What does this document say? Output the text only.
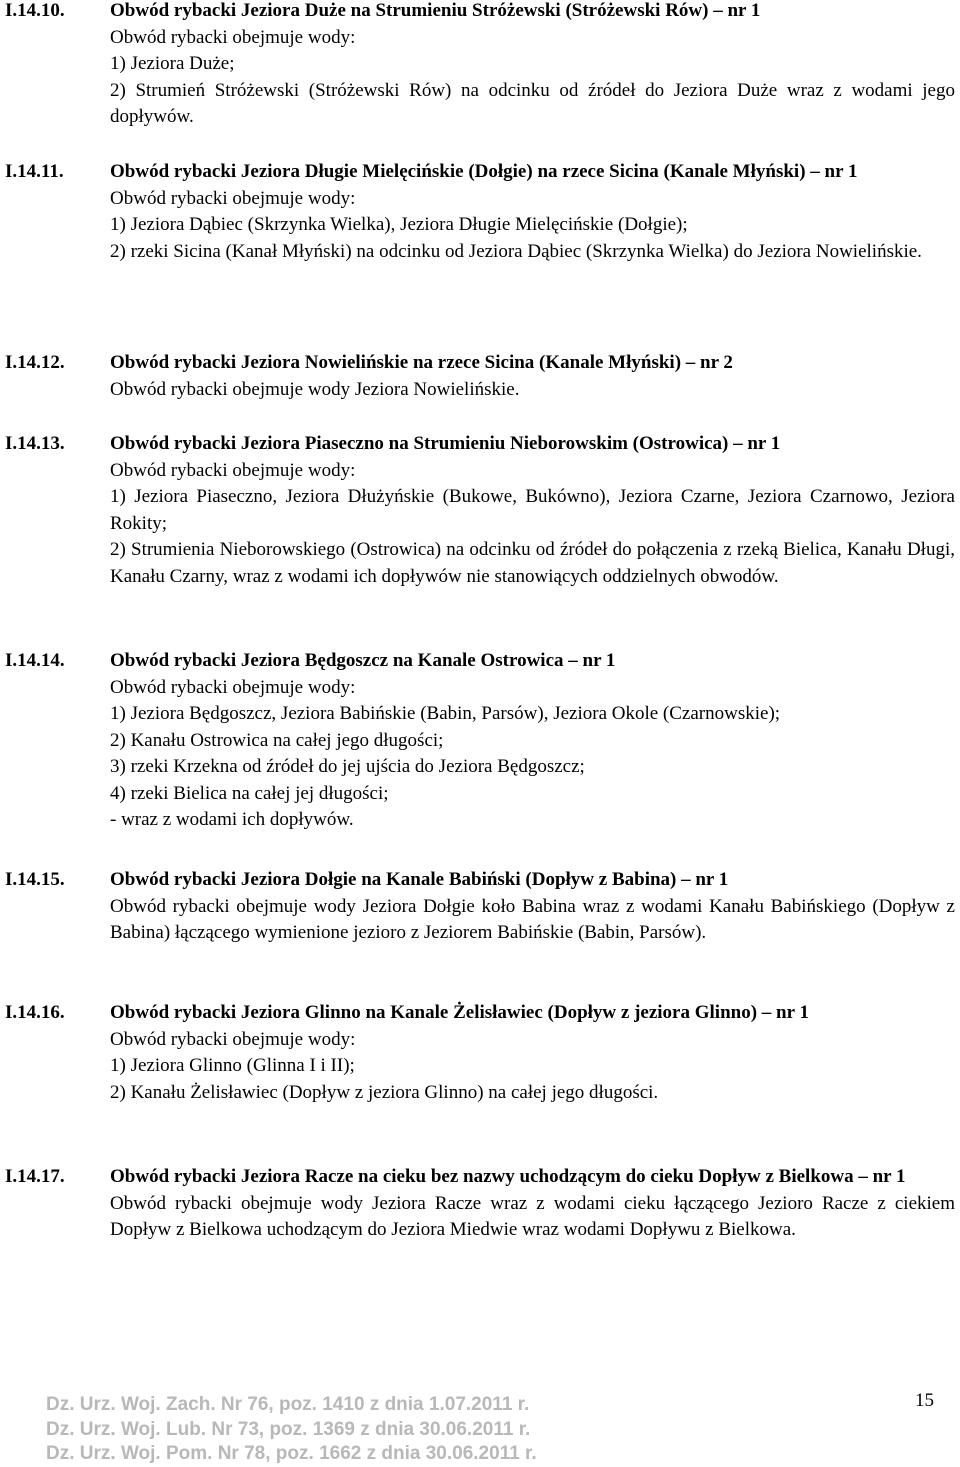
I.14.10. Obwód rybacki Jeziora Duże na Strumieniu Stróżewski (Stróżewski Rów) – nr 1
Obwód rybacki obejmuje wody:
1) Jeziora Duże;
2) Strumień Stróżewski (Stróżewski Rów) na odcinku od źródeł do Jeziora Duże wraz z wodami jego dopływów.
I.14.11. Obwód rybacki Jeziora Długie Mielęcińskie (Dołgie) na rzece Sicina (Kanale Młyński) – nr 1
Obwód rybacki obejmuje wody:
1) Jeziora Dąbiec (Skrzynka Wielka), Jeziora Długie Mielęcińskie (Dołgie);
2) rzeki Sicina (Kanał Młyński) na odcinku od Jeziora Dąbiec (Skrzynka Wielka) do Jeziora Nowielińskie.
I.14.12. Obwód rybacki Jeziora Nowielińskie na rzece Sicina (Kanale Młyński) – nr 2
Obwód rybacki obejmuje wody Jeziora Nowielińskie.
I.14.13. Obwód rybacki Jeziora Piaseczno na Strumieniu Nieborowskim (Ostrowica) – nr 1
Obwód rybacki obejmuje wody:
1) Jeziora Piaseczno, Jeziora Dłużyńskie (Bukowe, Bukówno), Jeziora Czarne, Jeziora Czarnowo, Jeziora Rokity;
2) Strumienia Nieborowskiego (Ostrowica) na odcinku od źródeł do połączenia z rzeką Bielica, Kanału Długi, Kanału Czarny, wraz z wodami ich dopływów nie stanowiących oddzielnych obwodów.
I.14.14. Obwód rybacki Jeziora Będgoszcz na Kanale Ostrowica – nr 1
Obwód rybacki obejmuje wody:
1) Jeziora Będgoszcz, Jeziora Babińskie (Babin, Parsów), Jeziora Okole (Czarnowskie);
2) Kanału Ostrowica na całej jego długości;
3) rzeki Krzekna od źródeł do jej ujścia do Jeziora Będgoszcz;
4) rzeki Bielica na całej jej długości;
- wraz z wodami ich dopływów.
I.14.15. Obwód rybacki Jeziora Dołgie na Kanale Babiński (Dopływ z Babina) – nr 1
Obwód rybacki obejmuje wody Jeziora Dołgie koło Babina wraz z wodami Kanału Babińskiego (Dopływ z Babina) łączącego wymienione jezioro z Jeziorem Babińskie (Babin, Parsów).
I.14.16. Obwód rybacki Jeziora Glinno na Kanale Żelisławiec (Dopływ z jeziora Glinno) – nr 1
Obwód rybacki obejmuje wody:
1) Jeziora Glinno (Glinna I i II);
2) Kanału Żelisławiec (Dopływ z jeziora Glinno) na całej jego długości.
I.14.17. Obwód rybacki Jeziora Racze na cieku bez nazwy uchodzącym do cieku Dopływ z Bielkowa – nr 1
Obwód rybacki obejmuje wody Jeziora Racze wraz z wodami cieku łączącego Jezioro Racze z ciekiem Dopływ z Bielkowa uchodzącym do Jeziora Miedwie wraz wodami Dopływu z Bielkowa.
Dz. Urz. Woj. Zach. Nr 76, poz. 1410 z dnia 1.07.2011 r.
Dz. Urz. Woj. Lub. Nr 73, poz. 1369 z dnia 30.06.2011 r.
Dz. Urz. Woj. Pom. Nr 78, poz. 1662 z dnia 30.06.2011 r.
15
